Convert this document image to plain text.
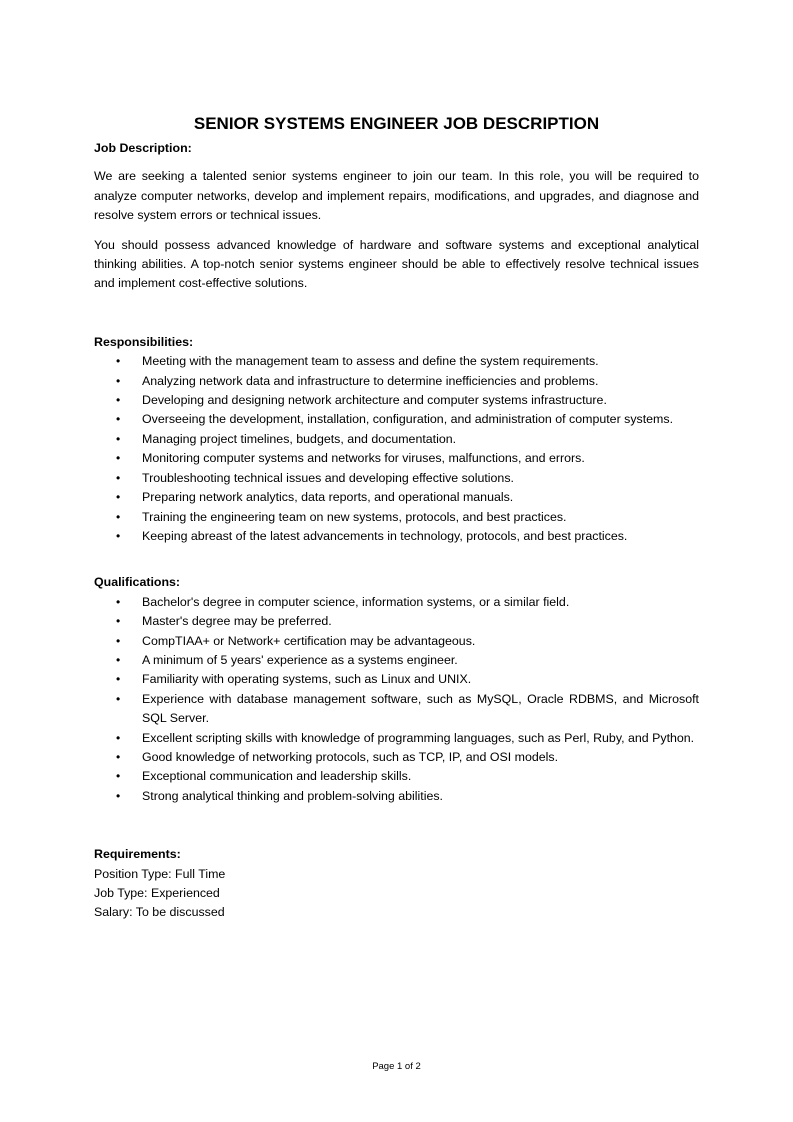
SENIOR SYSTEMS ENGINEER JOB DESCRIPTION

Job Description:

We are seeking a talented senior systems engineer to join our team. In this role, you will be required to analyze computer networks, develop and implement repairs, modifications, and upgrades, and diagnose and resolve system errors or technical issues.

You should possess advanced knowledge of hardware and software systems and exceptional analytical thinking abilities. A top-notch senior systems engineer should be able to effectively resolve technical issues and implement cost-effective solutions.

Responsibilities:

• Meeting with the management team to assess and define the system requirements.
• Analyzing network data and infrastructure to determine inefficiencies and problems.
• Developing and designing network architecture and computer systems infrastructure.
• Overseeing the development, installation, configuration, and administration of computer systems.
• Managing project timelines, budgets, and documentation.
• Monitoring computer systems and networks for viruses, malfunctions, and errors.
• Troubleshooting technical issues and developing effective solutions.
• Preparing network analytics, data reports, and operational manuals.
• Training the engineering team on new systems, protocols, and best practices.
• Keeping abreast of the latest advancements in technology, protocols, and best practices.

Qualifications:

• Bachelor's degree in computer science, information systems, or a similar field.
• Master's degree may be preferred.
• CompTIAA+ or Network+ certification may be advantageous.
• A minimum of 5 years' experience as a systems engineer.
• Familiarity with operating systems, such as Linux and UNIX.
• Experience with database management software, such as MySQL, Oracle RDBMS, and Microsoft SQL Server.
• Excellent scripting skills with knowledge of programming languages, such as Perl, Ruby, and Python.
• Good knowledge of networking protocols, such as TCP, IP, and OSI models.
• Exceptional communication and leadership skills.
• Strong analytical thinking and problem-solving abilities.

Requirements:

Position Type: Full Time

Job Type: Experienced

Salary: To be discussed

Page 1 of 2
